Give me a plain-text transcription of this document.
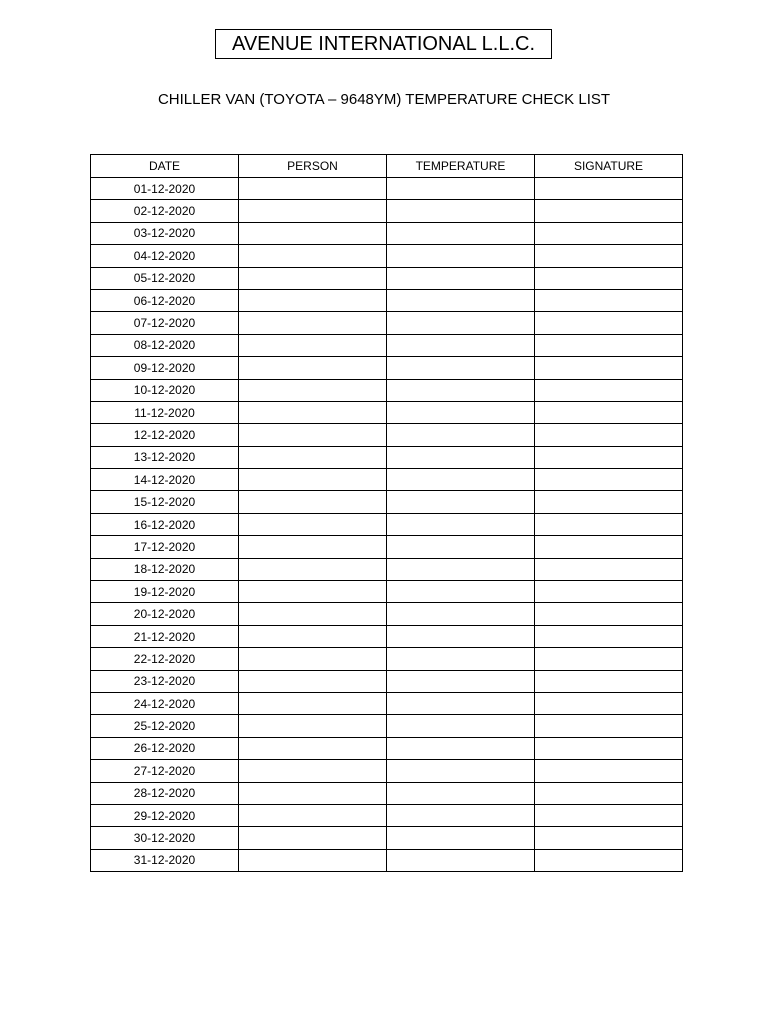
AVENUE INTERNATIONAL L.L.C.
CHILLER VAN (TOYOTA – 9648YM) TEMPERATURE CHECK LIST
DATE	PERSON	TEMPERATURE	SIGNATURE
01-12-2020			
02-12-2020			
03-12-2020			
04-12-2020			
05-12-2020			
06-12-2020			
07-12-2020			
08-12-2020			
09-12-2020			
10-12-2020			
11-12-2020			
12-12-2020			
13-12-2020			
14-12-2020			
15-12-2020			
16-12-2020			
17-12-2020			
18-12-2020			
19-12-2020			
20-12-2020			
21-12-2020			
22-12-2020			
23-12-2020			
24-12-2020			
25-12-2020			
26-12-2020			
27-12-2020			
28-12-2020			
29-12-2020			
30-12-2020			
31-12-2020			
